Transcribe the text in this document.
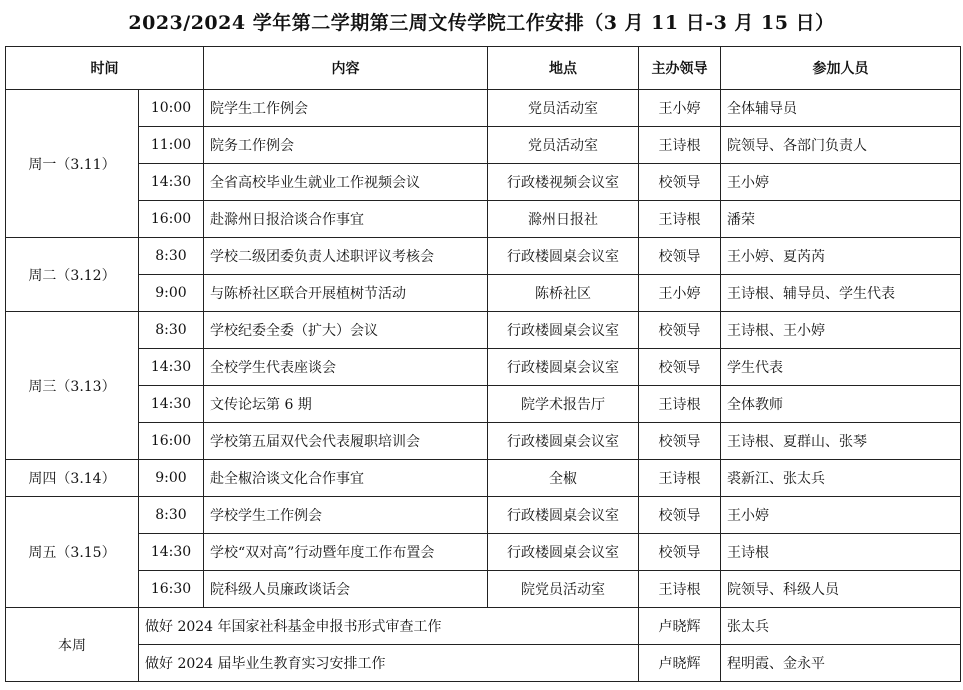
2023/2024 学年第二学期第三周文传学院工作安排（3 月 11 日-3 月 15 日）
时间		内容	地点	主办领导	参加人员
周一（3.11）	10:00	院学生工作例会	党员活动室	王小婷	全体辅导员
	11:00	院务工作例会	党员活动室	王诗根	院领导、各部门负责人
	14:30	全省高校毕业生就业工作视频会议	行政楼视频会议室	校领导	王小婷
	16:00	赴滁州日报洽谈合作事宜	滁州日报社	王诗根	潘荣
周二（3.12）	8:30	学校二级团委负责人述职评议考核会	行政楼圆桌会议室	校领导	王小婷、夏芮芮
	9:00	与陈桥社区联合开展植树节活动	陈桥社区	王小婷	王诗根、辅导员、学生代表
周三（3.13）	8:30	学校纪委全委（扩大）会议	行政楼圆桌会议室	校领导	王诗根、王小婷
	14:30	全校学生代表座谈会	行政楼圆桌会议室	校领导	学生代表
	14:30	文传论坛第 6 期	院学术报告厅	王诗根	全体教师
	16:00	学校第五届双代会代表履职培训会	行政楼圆桌会议室	校领导	王诗根、夏群山、张琴
周四（3.14）	9:00	赴全椒洽谈文化合作事宜	全椒	王诗根	裘新江、张太兵
周五（3.15）	8:30	学校学生工作例会	行政楼圆桌会议室	校领导	王小婷
	14:30	学校“双对高”行动暨年度工作布置会	行政楼圆桌会议室	校领导	王诗根
	16:30	院科级人员廉政谈话会	院党员活动室	王诗根	院领导、科级人员
本周	做好 2024 年国家社科基金申报书形式审查工作			卢晓辉	张太兵
	做好 2024 届毕业生教育实习安排工作			卢晓辉	程明霞、金永平
